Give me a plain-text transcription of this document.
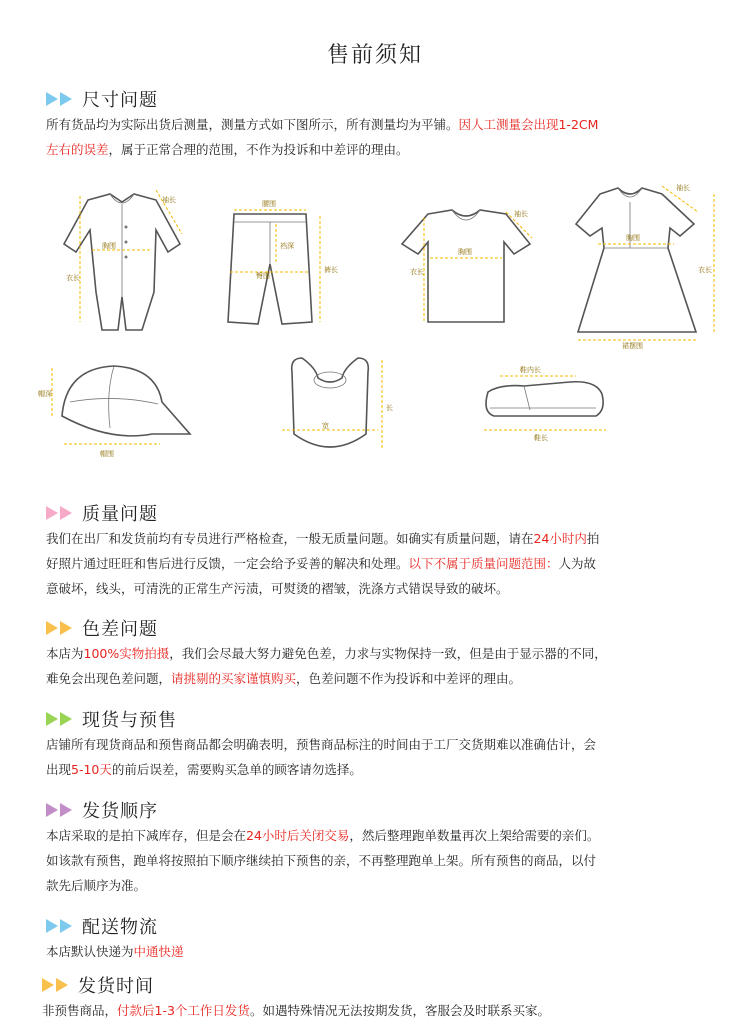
售前须知
尺寸问题
所有货品均为实际出货后测量，测量方式如下图所示，所有测量均为平铺。因人工测量会出现1-2CM
左右的误差，属于正常合理的范围，不作为投诉和中差评的理由。
胸围
衣长
袖长	腰围
臀围
裆深
裤长
胸围
衣长
袖长
胸围
衣长
裙摆围
袖长
帽深
帽围
宽
长
鞋内长
鞋长
质量问题
我们在出厂和发货前均有专员进行严格检查，一般无质量问题。如确实有质量问题，请在24小时内拍
好照片通过旺旺和售后进行反馈，一定会给予妥善的解决和处理。以下不属于质量问题范围：人为故
意破坏，线头，可清洗的正常生产污渍，可熨烫的褶皱，洗涤方式错误导致的破坏。
色差问题
本店为100%实物拍摄，我们会尽最大努力避免色差，力求与实物保持一致，但是由于显示器的不同，
难免会出现色差问题，请挑剔的买家谨慎购买，色差问题不作为投诉和中差评的理由。
现货与预售
店铺所有现货商品和预售商品都会明确表明，预售商品标注的时间由于工厂交货期难以准确估计，会
出现5-10天的前后误差，需要购买急单的顾客请勿选择。
发货顺序
本店采取的是拍下减库存，但是会在24小时后关闭交易，然后整理跑单数量再次上架给需要的亲们。
如该款有预售，跑单将按照拍下顺序继续拍下预售的亲，不再整理跑单上架。所有预售的商品，以付
款先后顺序为准。
配送物流
本店默认快递为中通快递
发货时间
非预售商品，付款后1-3个工作日发货。如遇特殊情况无法按期发货，客服会及时联系买家。
